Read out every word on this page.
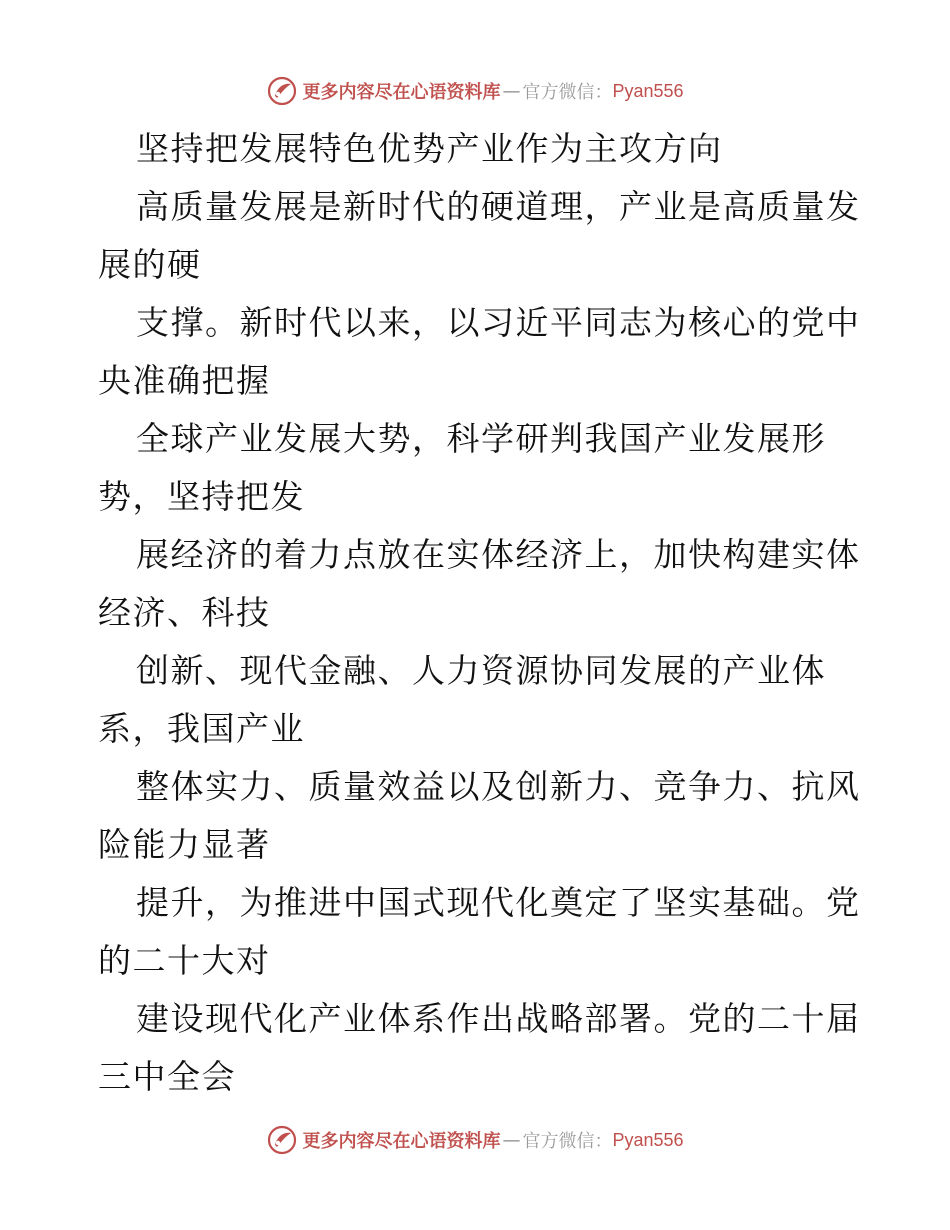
更多内容尽在心语资料库 — 官方微信： Pyan556
坚持把发展特色优势产业作为主攻方向
高质量发展是新时代的硬道理，产业是高质量发
展的硬
支撑。新时代以来，以习近平同志为核心的党中
央准确把握
全球产业发展大势，科学研判我国产业发展形
势，坚持把发
展经济的着力点放在实体经济上，加快构建实体
经济、科技
创新、现代金融、人力资源协同发展的产业体
系，我国产业
整体实力、质量效益以及创新力、竞争力、抗风
险能力显著
提升，为推进中国式现代化奠定了坚实基础。党
的二十大对
建设现代化产业体系作出战略部署。党的二十届
三中全会
更多内容尽在心语资料库 — 官方微信： Pyan556
